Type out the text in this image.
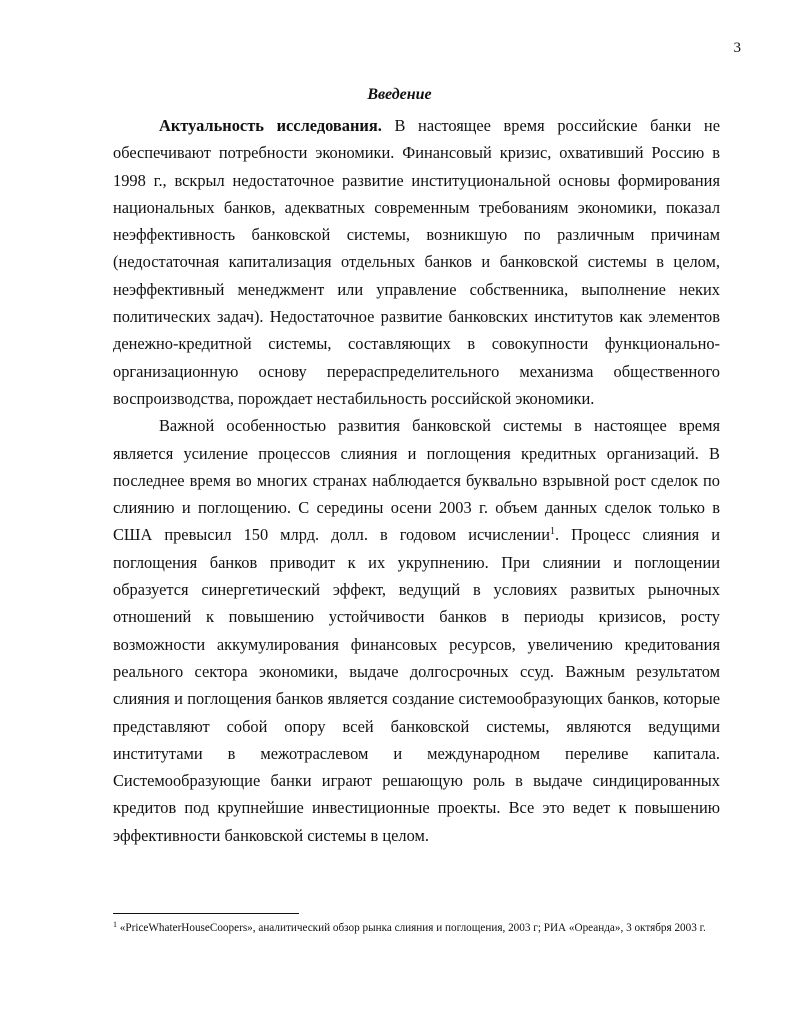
3
Введение

Актуальность исследования. В настоящее время российские банки не обеспечивают потребности экономики. Финансовый кризис, охвативший Россию в 1998 г., вскрыл недостаточное развитие институциональной основы формирования национальных банков, адекватных современным требованиям экономики, показал неэффективность банковской системы, возникшую по различным причинам (недостаточная капитализация отдельных банков и банковской системы в целом, неэффективный менеджмент или управление собственника, выполнение неких политических задач). Недостаточное развитие банковских институтов как элементов денежно-кредитной системы, составляющих в совокупности функционально-организационную основу перераспределительного механизма общественного воспроизводства, порождает нестабильность российской экономики.

Важной особенностью развития банковской системы в настоящее время является усиление процессов слияния и поглощения кредитных организаций. В последнее время во многих странах наблюдается буквально взрывной рост сделок по слиянию и поглощению. С середины осени 2003 г. объем данных сделок только в США превысил 150 млрд. долл. в годовом исчислении$^1$. Процесс слияния и поглощения банков приводит к их укрупнению. При слиянии и поглощении образуется синергетический эффект, ведущий в условиях развитых рыночных отношений к повышению устойчивости банков в периоды кризисов, росту возможности аккумулирования финансовых ресурсов, увеличению кредитования реального сектора экономики, выдаче долгосрочных ссуд. Важным результатом слияния и поглощения банков является создание системообразующих банков, которые представляют собой опору всей банковской системы, являются ведущими институтами в межотраслевом и международном переливе капитала. Системообразующие банки играют решающую роль в выдаче синдицированных кредитов под крупнейшие инвестиционные проекты. Все это ведет к повышению эффективности банковской системы в целом.

$^1$ «PriceWhaterHouseCoopers», аналитический обзор рынка слияния и поглощения, 2003 г; РИА «Ореанда», 3 октября 2003 г.
